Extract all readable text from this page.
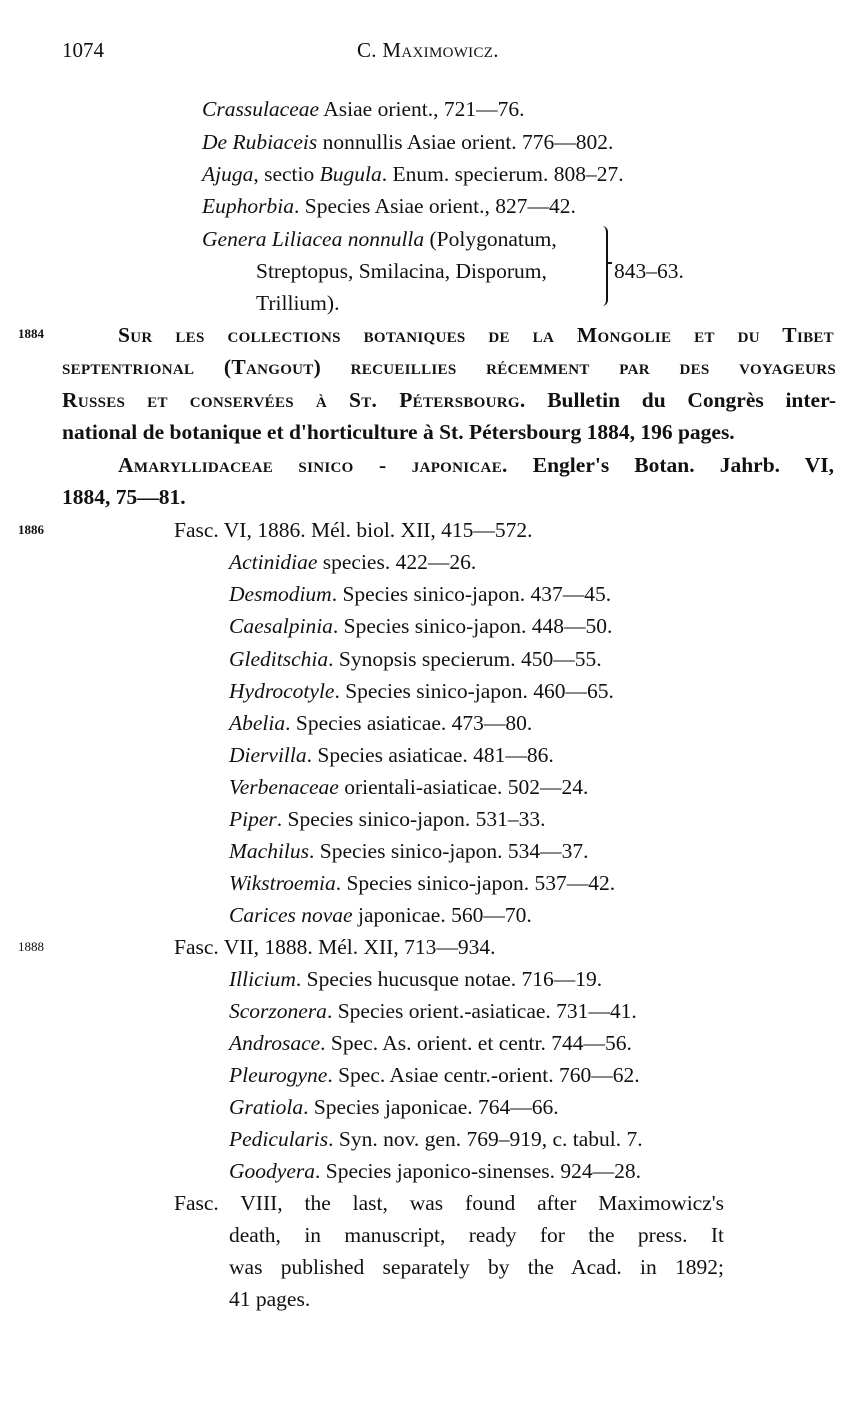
1074	C. Maximowicz.
Crassulaceae Asiae orient., 721—76.
De Rubiaceis nonnullis Asiae orient. 776—802.
Ajuga, sectio Bugula. Enum. specierum. 808–27.
Euphorbia. Species Asiae orient., 827—42.
Genera Liliacea nonnulla (Polygonatum,
Streptopus, Smilacina, Disporum,
Trillium).
843–63.
1884	Sur les collections botaniques de la Mongolie et du Tibet
septentrional (Tangout) recueillies récemment par des voyageurs
Russes et conservées à St. Pétersbourg. Bulletin du Congrès inter-
national de botanique et d'horticulture à St. Pétersbourg 1884, 196 pages.
Amaryllidaceae sinico - japonicae. Engler's Botan. Jahrb. VI,
1884, 75—81.
1886	Fasc. VI, 1886. Mél. biol. XII, 415—572.
Actinidiae species. 422—26.
Desmodium. Species sinico-japon. 437—45.
Caesalpinia. Species sinico-japon. 448—50.
Gleditschia. Synopsis specierum. 450—55.
Hydrocotyle. Species sinico-japon. 460—65.
Abelia. Species asiaticae. 473—80.
Diervilla. Species asiaticae. 481—86.
Verbenaceae orientali-asiaticae. 502—24.
Piper. Species sinico-japon. 531–33.
Machilus. Species sinico-japon. 534—37.
Wikstroemia. Species sinico-japon. 537—42.
Carices novae japonicae. 560—70.
1888	Fasc. VII, 1888. Mél. XII, 713—934.
Illicium. Species hucusque notae. 716—19.
Scorzonera. Species orient.-asiaticae. 731—41.
Androsace. Spec. As. orient. et centr. 744—56.
Pleurogyne. Spec. Asiae centr.-orient. 760—62.
Gratiola. Species japonicae. 764—66.
Pedicularis. Syn. nov. gen. 769–919, c. tabul. 7.
Goodyera. Species japonico-sinenses. 924—28.
Fasc. VIII, the last, was found after Maximowicz's
death, in manuscript, ready for the press. It
was published separately by the Acad. in 1892;
41 pages.
